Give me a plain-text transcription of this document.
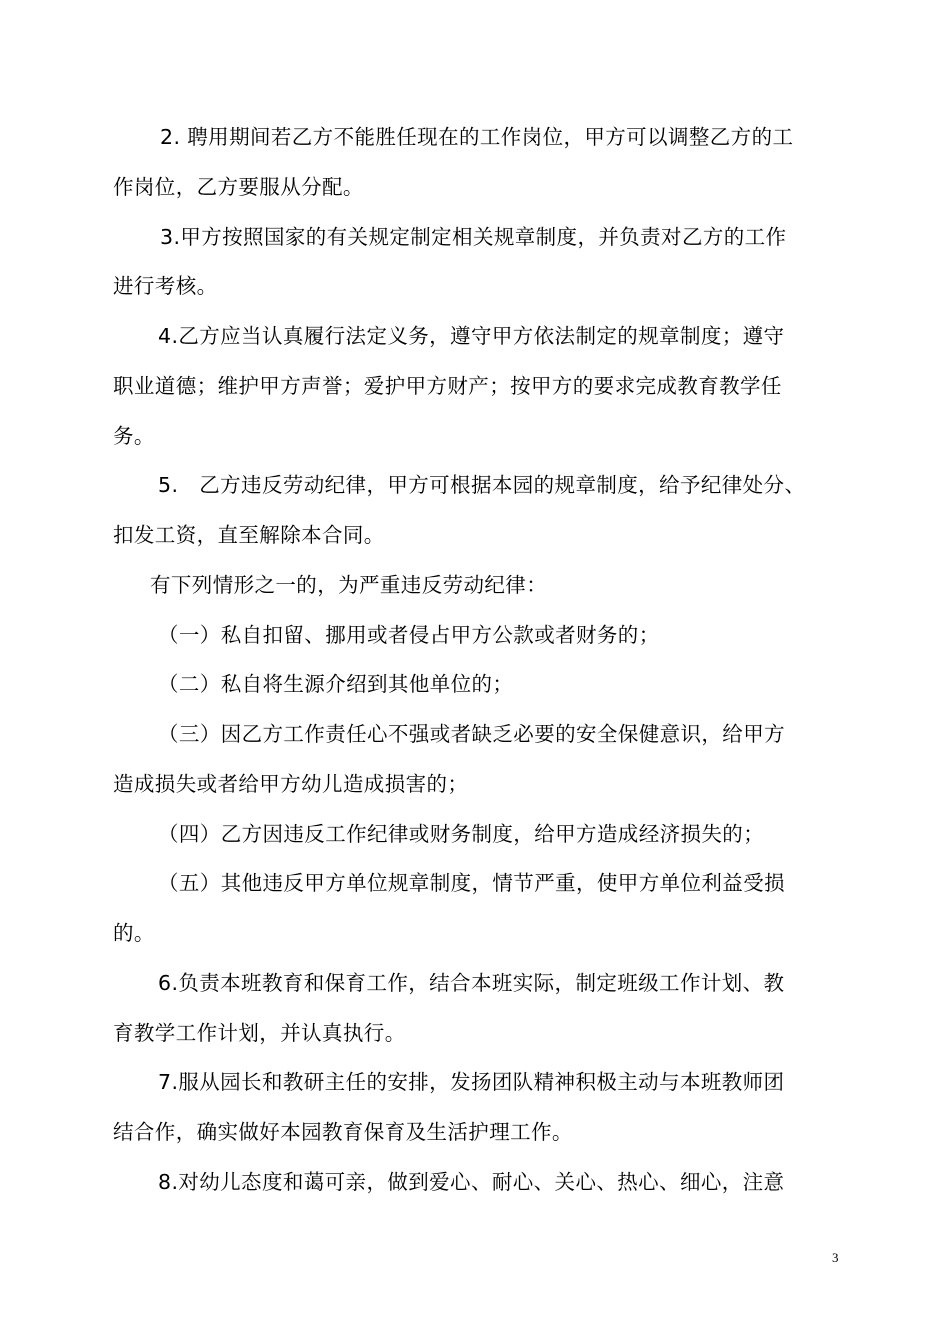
2. 聘用期间若乙方不能胜任现在的工作岗位，甲方可以调整乙方的工
作岗位，乙方要服从分配。
3.甲方按照国家的有关规定制定相关规章制度，并负责对乙方的工作
进行考核。
4.乙方应当认真履行法定义务，遵守甲方依法制定的规章制度；遵守
职业道德；维护甲方声誉；爱护甲方财产；按甲方的要求完成教育教学任
务。
5.　乙方违反劳动纪律，甲方可根据本园的规章制度，给予纪律处分、
扣发工资，直至解除本合同。
有下列情形之一的，为严重违反劳动纪律：
（一）私自扣留、挪用或者侵占甲方公款或者财务的；
（二）私自将生源介绍到其他单位的；
（三）因乙方工作责任心不强或者缺乏必要的安全保健意识，给甲方
造成损失或者给甲方幼儿造成损害的；
（四）乙方因违反工作纪律或财务制度，给甲方造成经济损失的；
（五）其他违反甲方单位规章制度，情节严重，使甲方单位利益受损
的。
6.负责本班教育和保育工作，结合本班实际，制定班级工作计划、教
育教学工作计划，并认真执行。
7.服从园长和教研主任的安排，发扬团队精神积极主动与本班教师团
结合作，确实做好本园教育保育及生活护理工作。
8.对幼儿态度和蔼可亲，做到爱心、耐心、关心、热心、细心，注意
3
